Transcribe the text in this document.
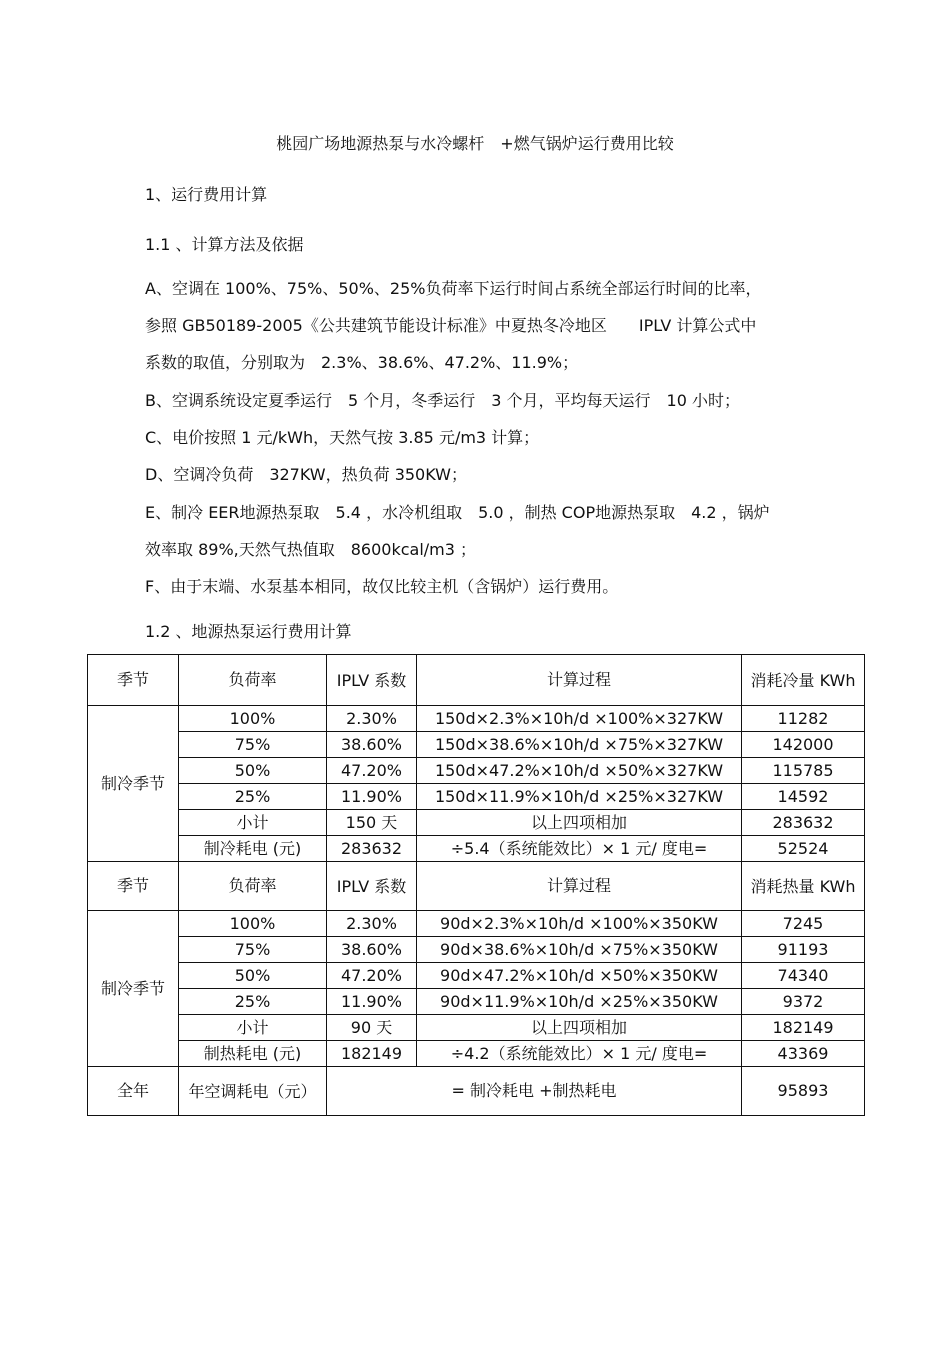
桃园广场地源热泵与水冷螺杆　+燃气锅炉运行费用比较
1、运行费用计算
1.1 、计算方法及依据
A、空调在 100%、75%、50%、25%负荷率下运行时间占系统全部运行时间的比率，
参照 GB50189-2005《公共建筑节能设计标准》中夏热冬冷地区　　IPLV 计算公式中
系数的取值，分别取为　2.3%、38.6%、47.2%、11.9%；
B、空调系统设定夏季运行　5 个月，冬季运行　3 个月，平均每天运行　10 小时；
C、电价按照 1 元/kWh，天然气按 3.85 元/m3 计算；
D、空调冷负荷　327KW，热负荷 350KW；
E、制冷 EER地源热泵取　5.4 ，水冷机组取　5.0 ，制热 COP地源热泵取　4.2 ，锅炉
效率取 89%,天然气热值取　8600kcal/m3 ；
F、由于末端、水泵基本相同，故仅比较主机（含锅炉）运行费用。
1.2 、地源热泵运行费用计算
季节	负荷率	IPLV 系数	计算过程	消耗冷量 KWh
制冷季节	100%	2.30%	150d×2.3%×10h/d ×100%×327KW	11282
	75%	38.60%	150d×38.6%×10h/d ×75%×327KW	142000
	50%	47.20%	150d×47.2%×10h/d ×50%×327KW	115785
	25%	11.90%	150d×11.9%×10h/d ×25%×327KW	14592
	小计	150 天	以上四项相加	283632
	制冷耗电 (元)	283632	÷5.4（系统能效比）× 1 元/ 度电=	52524
季节	负荷率	IPLV 系数	计算过程	消耗热量 KWh
制冷季节	100%	2.30%	90d×2.3%×10h/d ×100%×350KW	7245
	75%	38.60%	90d×38.6%×10h/d ×75%×350KW	91193
	50%	47.20%	90d×47.2%×10h/d ×50%×350KW	74340
	25%	11.90%	90d×11.9%×10h/d ×25%×350KW	9372
	小计	90 天	以上四项相加	182149
	制热耗电 (元)	182149	÷4.2（系统能效比）× 1 元/ 度电=	43369
全年	年空调耗电（元）	= 制冷耗电 +制热耗电		95893
